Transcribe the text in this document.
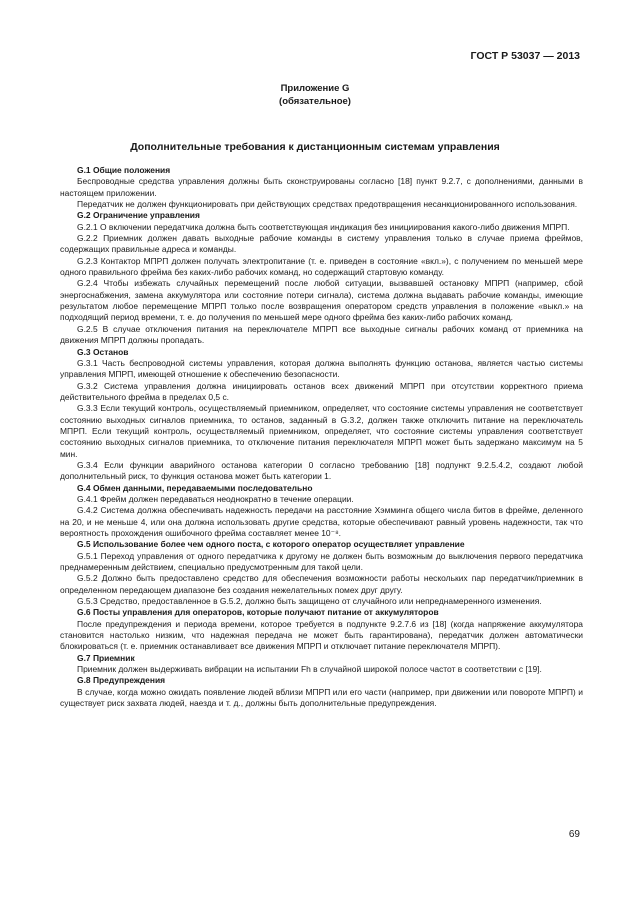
ГОСТ Р 53037 — 2013
Приложение G
(обязательное)
Дополнительные требования к дистанционным системам управления
G.1 Общие положения

Беспроводные средства управления должны быть сконструированы согласно [18] пункт 9.2.7, с дополнениями, данными в настоящем приложении.

Передатчик не должен функционировать при действующих средствах предотвращения несанкционированного использования.

G.2 Ограничение управления

G.2.1 О включении передатчика должна быть соответствующая индикация без инициирования какого-либо движения МПРП.

G.2.2 Приемник должен давать выходные рабочие команды в систему управления только в случае приема фреймов, содержащих правильные адреса и команды.

G.2.3 Контактор МПРП должен получать электропитание (т. е. приведен в состояние «вкл.»), с получением по меньшей мере одного правильного фрейма без каких-либо рабочих команд, но содержащий стартовую команду.

G.2.4 Чтобы избежать случайных перемещений после любой ситуации, вызвавшей остановку МПРП (например, сбой энергоснабжения, замена аккумулятора или состояние потери сигнала), система должна выдавать рабочие команды, имеющие результатом любое перемещение МПРП только после возвращения оператором средств управления в положение «выкл.» на подходящий период времени, т. е. до получения по меньшей мере одного фрейма без каких-либо рабочих команд.

G.2.5 В случае отключения питания на переключателе МПРП все выходные сигналы рабочих команд от приемника на движения МПРП должны пропадать.

G.3 Останов

G.3.1 Часть беспроводной системы управления, которая должна выполнять функцию останова, является частью системы управления МПРП, имеющей отношение к обеспечению безопасности.

G.3.2 Система управления должна инициировать останов всех движений МПРП при отсутствии корректного приема действительного фрейма в пределах 0,5 с.

G.3.3 Если текущий контроль, осуществляемый приемником, определяет, что состояние системы управления не соответствует состоянию выходных сигналов приемника, то останов, заданный в G.3.2, должен также отключить питание на переключатель МПРП. Если текущий контроль, осуществляемый приемником, определяет, что состояние системы управления соответствует состоянию выходных сигналов приемника, то отключение питания переключателя МПРП может быть задержано максимум на 5 мин.

G.3.4 Если функции аварийного останова категории 0 согласно требованию [18] подпункт 9.2.5.4.2, создают любой дополнительный риск, то функция останова может быть категории 1.

G.4 Обмен данными, передаваемыми последовательно

G.4.1 Фрейм должен передаваться неоднократно в течение операции.

G.4.2 Система должна обеспечивать надежность передачи на расстояние Хэмминга общего числа битов в фрейме, деленного на 20, и не меньше 4, или она должна использовать другие средства, которые обеспечивают равный уровень надежности, так что вероятность прохождения ошибочного фрейма составляет менее 10⁻⁸.

G.5 Использование более чем одного поста, с которого оператор осуществляет управление

G.5.1 Переход управления от одного передатчика к другому не должен быть возможным до выключения первого передатчика преднамеренным действием, специально предусмотренным для такой цели.

G.5.2 Должно быть предоставлено средство для обеспечения возможности работы нескольких пар передатчик/приемник в определенном передающем диапазоне без создания нежелательных помех друг другу.

G.5.3 Средство, предоставленное в G.5.2, должно быть защищено от случайного или непреднамеренного изменения.

G.6 Посты управления для операторов, которые получают питание от аккумуляторов

После предупреждения и периода времени, которое требуется в подпункте 9.2.7.6 из [18] (когда напряжение аккумулятора становится настолько низким, что надежная передача не может быть гарантирована), передатчик должен автоматически блокироваться (т. е. приемник останавливает все движения МПРП и отключает питание переключателя МПРП).

G.7 Приемник

Приемник должен выдерживать вибрации на испытании Fh в случайной широкой полосе частот в соответствии с [19].

G.8 Предупреждения

В случае, когда можно ожидать появление людей вблизи МПРП или его части (например, при движении или повороте МПРП) и существует риск захвата людей, наезда и т. д., должны быть дополнительные предупреждения.

69
